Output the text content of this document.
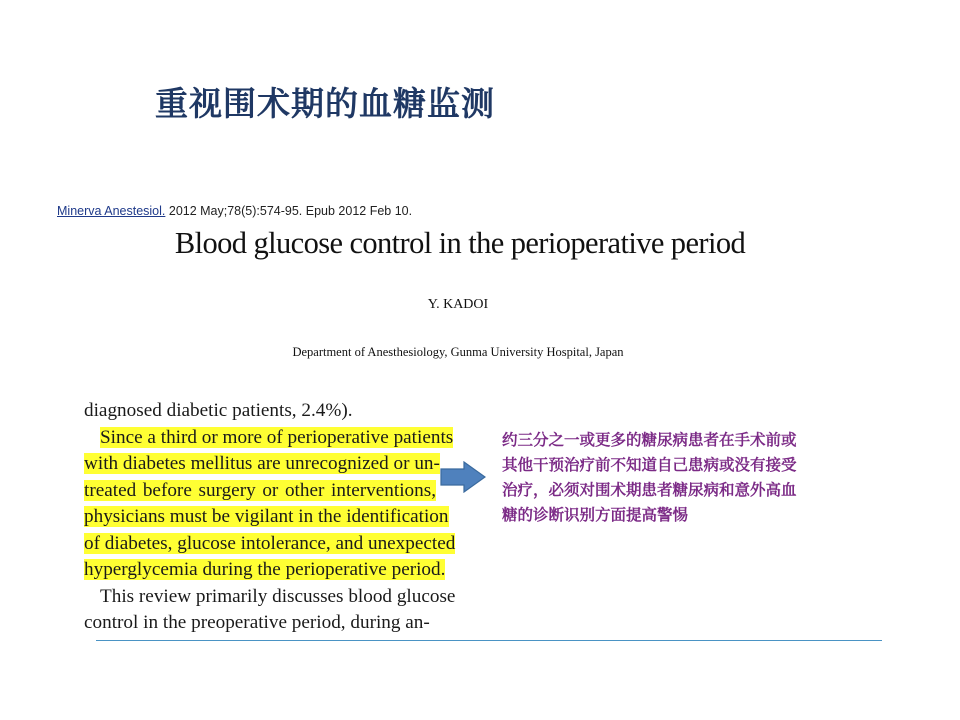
重视围术期的血糖监测
Minerva Anestesiol. 2012 May;78(5):574-95. Epub 2012 Feb 10.
Blood glucose control in the perioperative period
Y. KADOI
Department of Anesthesiology, Gunma University Hospital, Japan
diagnosed diabetic patients, 2.4%).
Since a third or more of perioperative patients
with diabetes mellitus are unrecognized or un-
treated before surgery or other interventions,
physicians must be vigilant in the identification
of diabetes, glucose intolerance, and unexpected
hyperglycemia during the perioperative period.
This review primarily discusses blood glucose
control in the preoperative period, during an-
约三分之一或更多的糖尿病患者在手术前或
其他干预治疗前不知道自己患病或没有接受
治疗，必须对围术期患者糖尿病和意外高血
糖的诊断识别方面提高警惕
